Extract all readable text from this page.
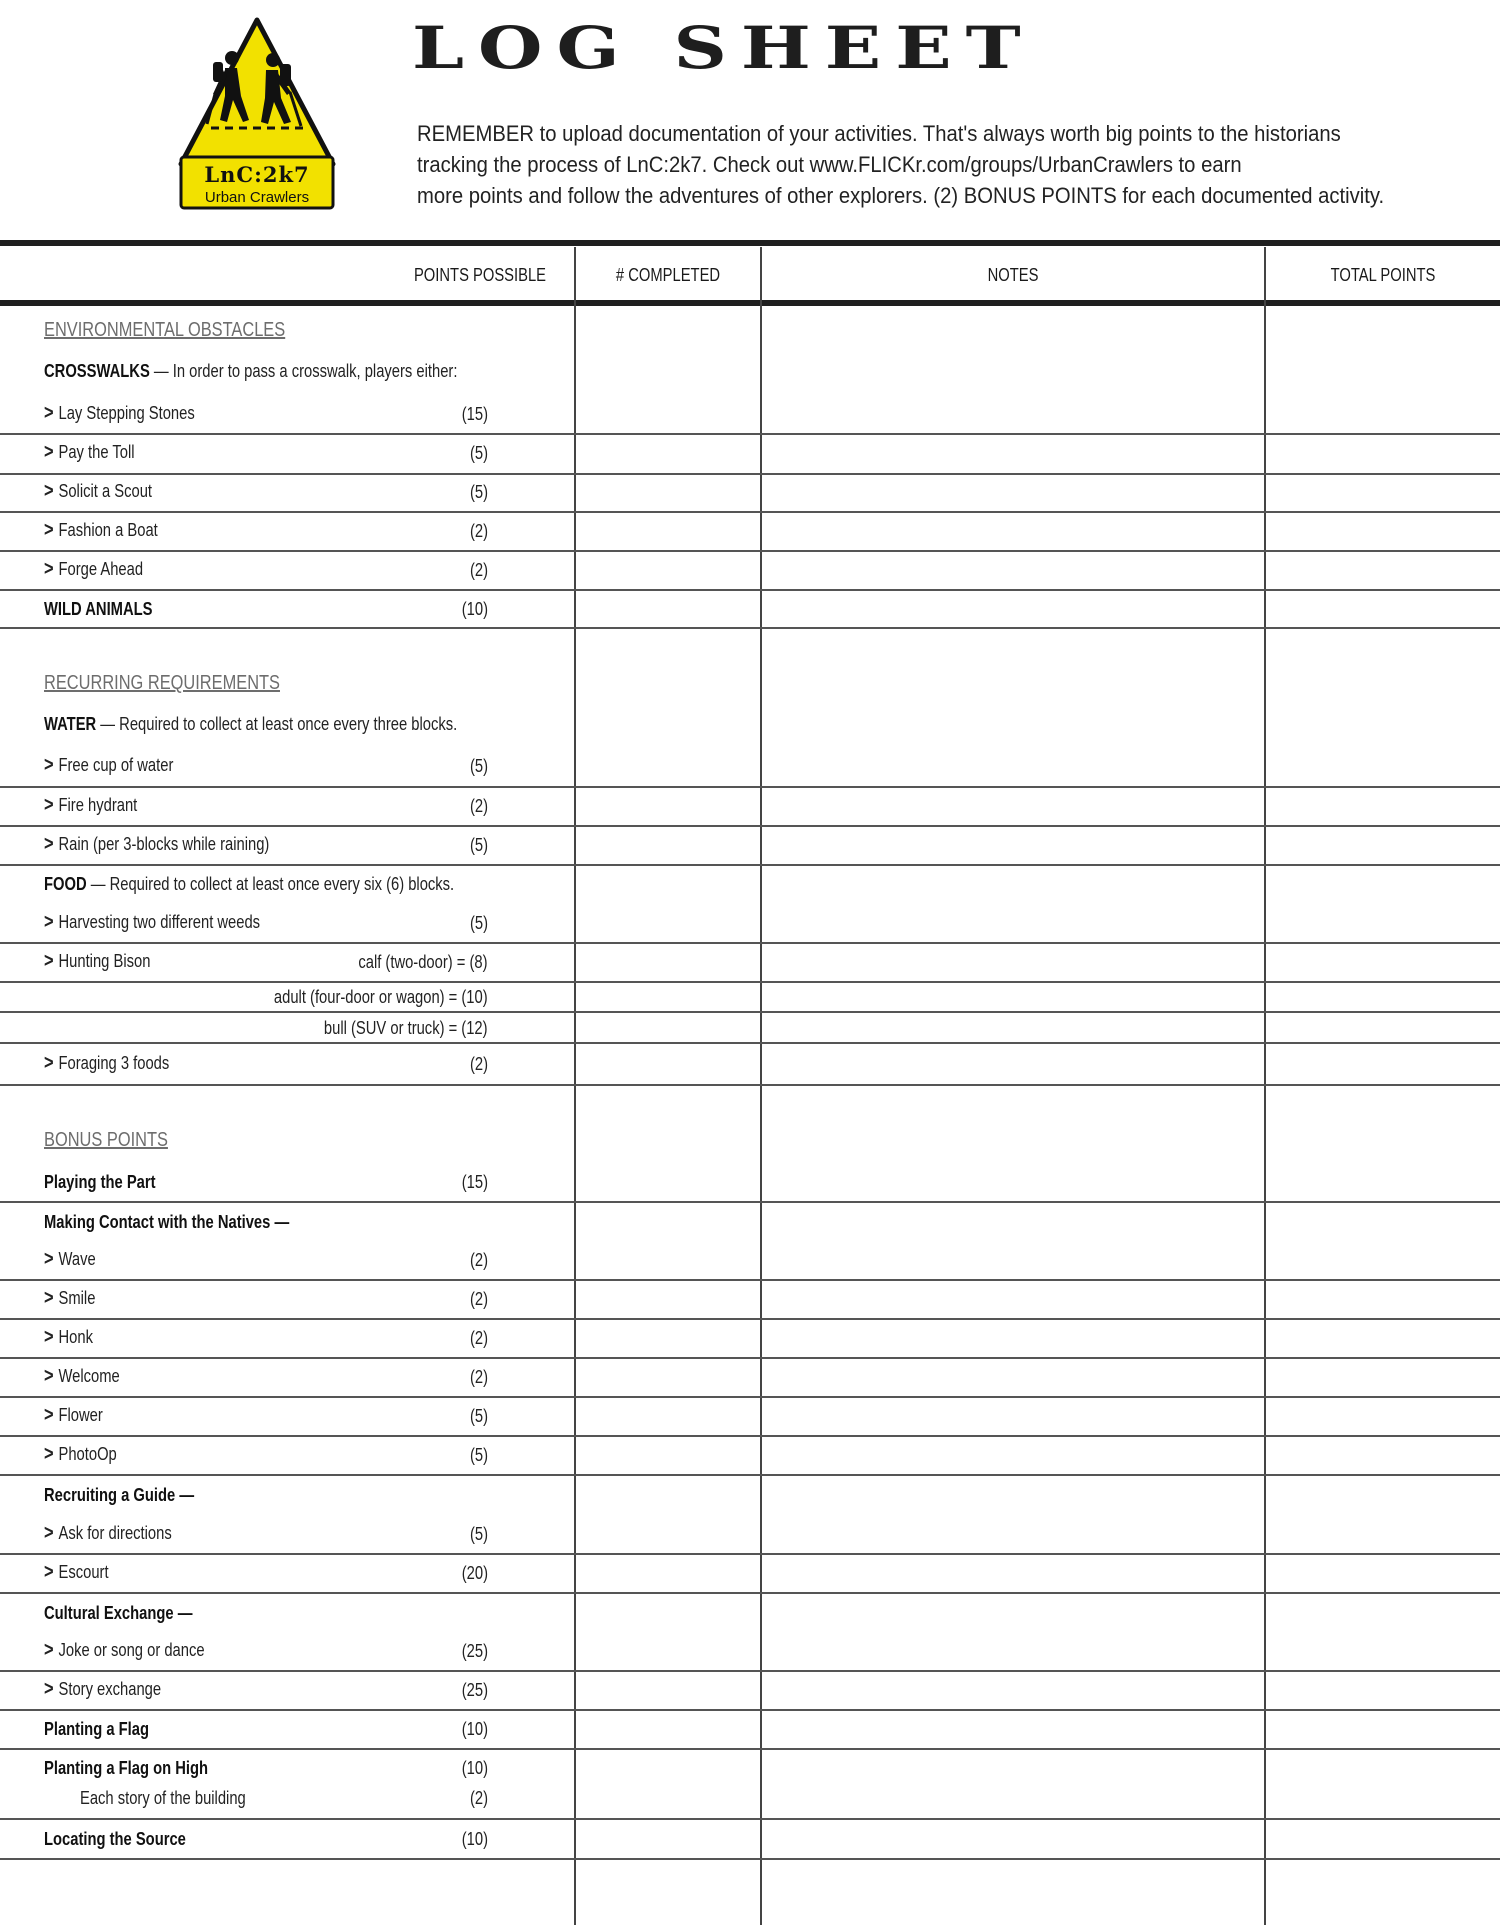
LnC:2k7
Urban Crawlers
LOG SHEET
REMEMBER to upload documentation of your activities. That's always worth big points to the historians
tracking the process of LnC:2k7. Check out www.FLICKr.com/groups/UrbanCrawlers to earn
more points and follow the adventures of other explorers. (2) BONUS POINTS for each documented activity.
POINTS POSSIBLE	# COMPLETED	NOTES	TOTAL POINTS
ENVIRONMENTAL OBSTACLES
CROSSWALKS — In order to pass a crosswalk, players either:
> Lay Stepping Stones	(15)
> Pay the Toll	(5)
> Solicit a Scout	(5)
> Fashion a Boat	(2)
> Forge Ahead	(2)
WILD ANIMALS	(10)
RECURRING REQUIREMENTS
WATER — Required to collect at least once every three blocks.
> Free cup of water	(5)
> Fire hydrant	(2)
> Rain (per 3-blocks while raining)	(5)
FOOD — Required to collect at least once every six (6) blocks.
> Harvesting two different weeds	(5)
> Hunting Bison	calf (two-door) = (8)
adult (four-door or wagon) = (10)
bull (SUV or truck) = (12)
> Foraging 3 foods	(2)
BONUS POINTS
Playing the Part	(15)
Making Contact with the Natives —
> Wave	(2)
> Smile	(2)
> Honk	(2)
> Welcome	(2)
> Flower	(5)
> PhotoOp	(5)
Recruiting a Guide —
> Ask for directions	(5)
> Escourt	(20)
Cultural Exchange —
> Joke or song or dance	(25)
> Story exchange	(25)
Planting a Flag	(10)
Planting a Flag on High	(10)
Each story of the building	(2)
Locating the Source	(10)
